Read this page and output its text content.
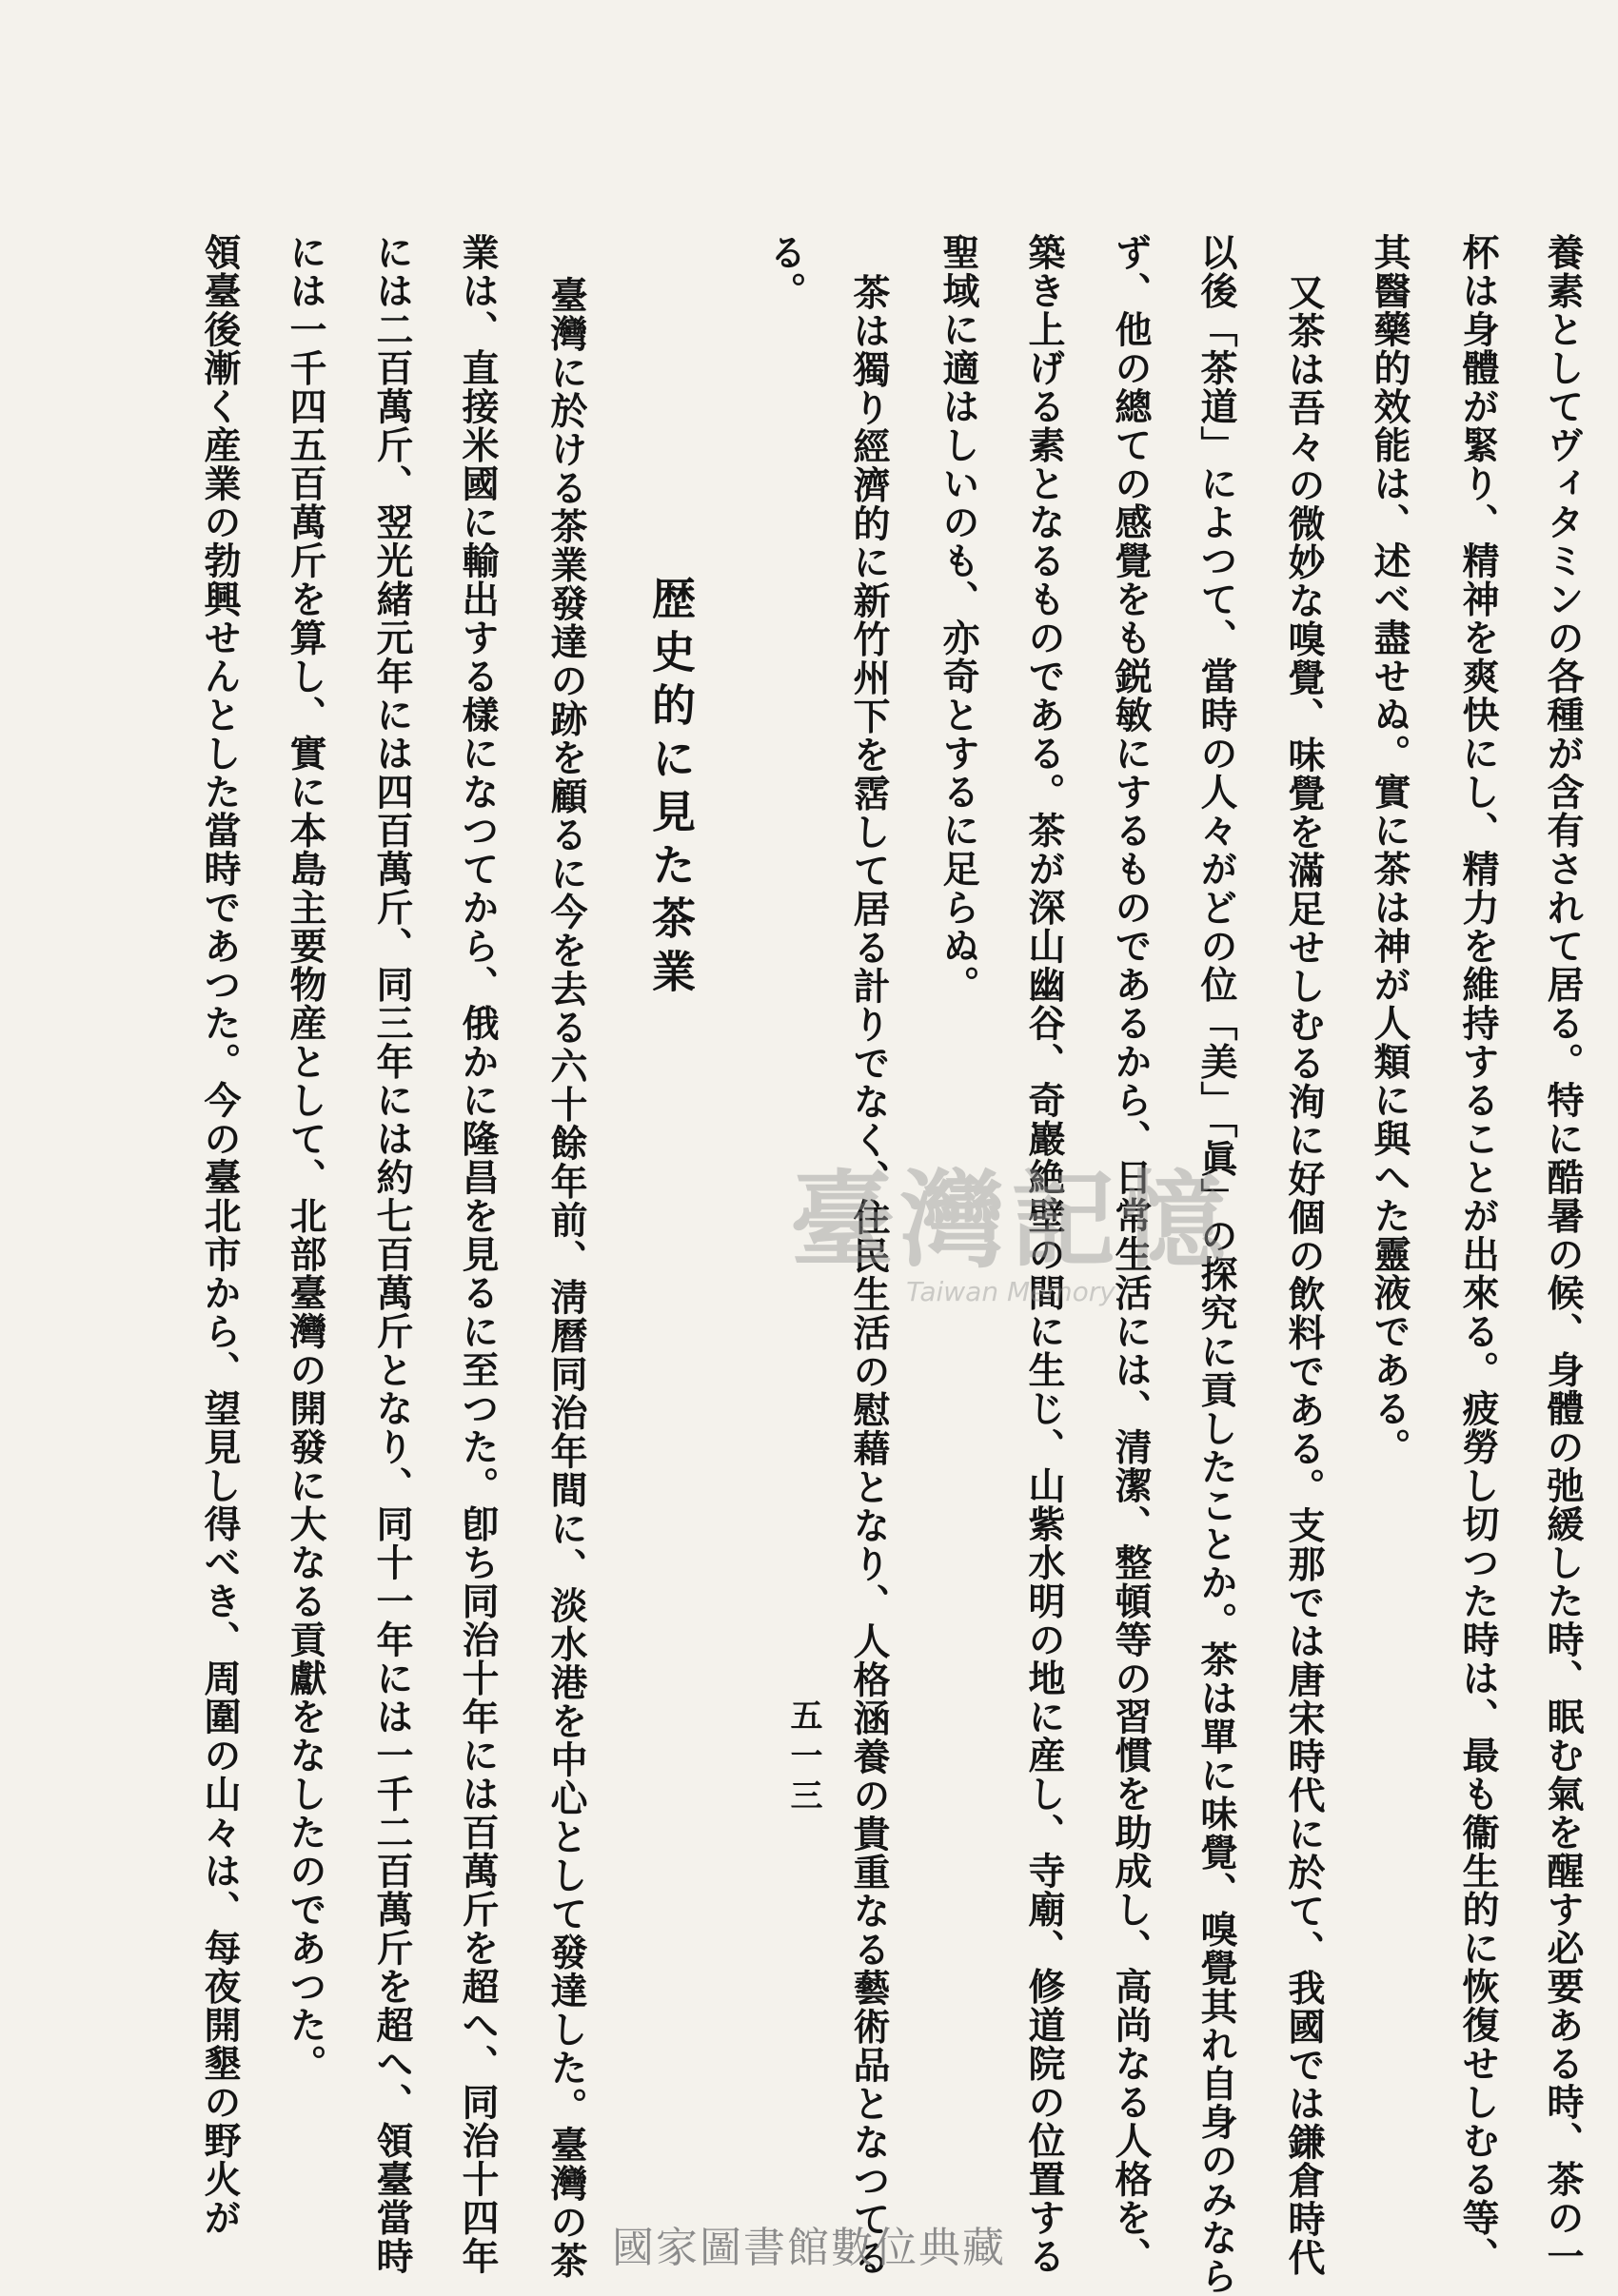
養素としてヴィタミンの各種が含有されて居る。特に酷暑の候、身體の弛緩した時、眠む氣を醒す必要ある時、茶の一
杯は身體が緊り、精神を爽快にし、精力を維持することが出來る。疲勞し切つた時は、最も衞生的に恢復せしむる等、
其醫藥的效能は、述べ盡せぬ。實に茶は神が人類に與へた靈液である。
又茶は吾々の微妙な嗅覺、味覺を滿足せしむる洵に好個の飲料である。支那では唐宋時代に於て、我國では鎌倉時代
以後「茶道」によつて、當時の人々がどの位「美」「眞」の探究に貢したことか。茶は單に味覺、嗅覺其れ自身のみなら
ず、他の總ての感覺をも鋭敏にするものであるから、日常生活には、清潔、整頓等の習慣を助成し、高尚なる人格を、
築き上げる素となるものである。茶が深山幽谷、奇巖絶壁の間に生じ、山紫水明の地に産し、寺廟、修道院の位置する
聖域に適はしいのも、亦奇とするに足らぬ。
茶は獨り經濟的に新竹州下を霑して居る計りでなく、住民生活の慰藉となり、人格涵養の貴重なる藝術品となつてる
る。
歴史的に見た茶業
臺灣に於ける茶業發達の跡を顧るに今を去る六十餘年前、淸曆同治年間に、淡水港を中心として發達した。臺灣の茶
業は、直接米國に輸出する樣になつてから、俄かに隆昌を見るに至つた。卽ち同治十年には百萬斤を超へ、同治十四年
には二百萬斤、翌光緒元年には四百萬斤、同三年には約七百萬斤となり、同十一年には一千二百萬斤を超へ、領臺當時
には一千四五百萬斤を算し、實に本島主要物産として、北部臺灣の開發に大なる貢獻をなしたのであつた。
領臺後漸く産業の勃興せんとした當時であつた。今の臺北市から、望見し得べき、周圍の山々は、每夜開墾の野火が	五一三
臺灣記憶
Taiwan Memory
國家圖書館數位典藏
